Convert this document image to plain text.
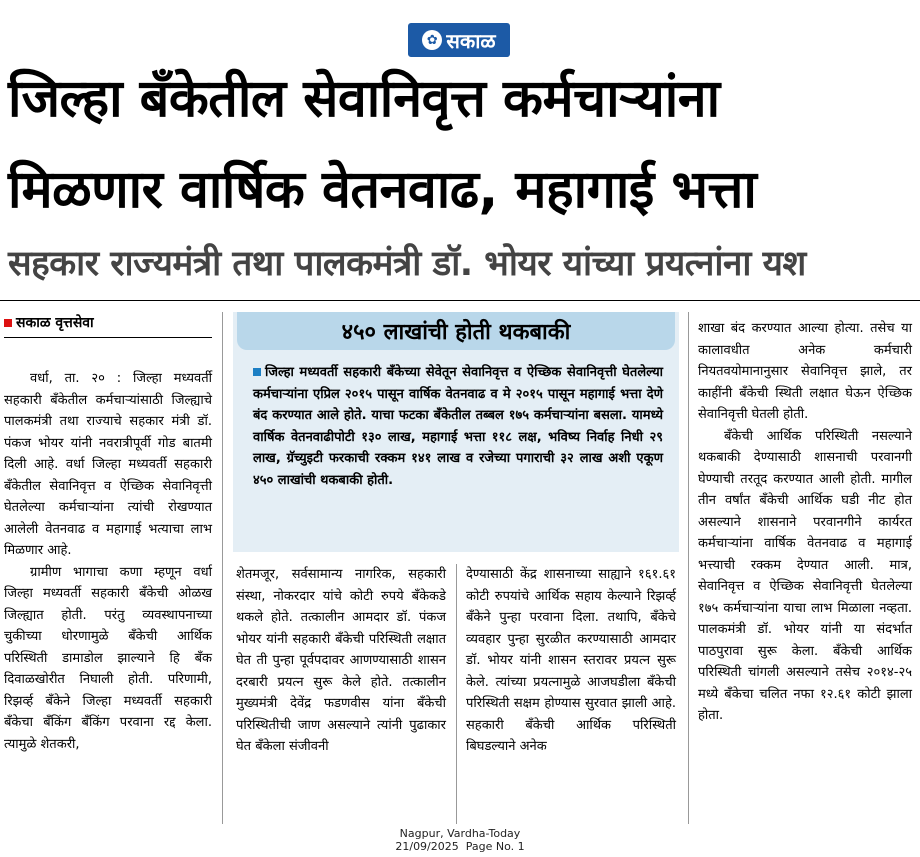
✿ सकाळ
जिल्हा बँकेतील सेवानिवृत्त कर्मचाऱ्यांना
मिळणार वार्षिक वेतनवाढ, महागाई भत्ता
सहकार राज्यमंत्री तथा पालकमंत्री डॉ. भोयर यांच्या प्रयत्नांना यश
सकाळ वृत्तसेवा

वर्धा, ता. २० : जिल्हा मध्यवर्ती सहकारी बँकेतील कर्मचाऱ्यांसाठी जिल्ह्याचे पालकमंत्री तथा राज्याचे सहकार मंत्री डॉ. पंकज भोयर यांनी नवरात्रीपूर्वी गोड बातमी दिली आहे. वर्धा जिल्हा मध्यवर्ती सहकारी बँकेतील सेवानिवृत्त व ऐच्छिक सेवानिवृत्ती घेतलेल्या कर्मचाऱ्यांना त्यांची रोखण्यात आलेली वेतनवाढ व महागाई भत्याचा लाभ मिळणार आहे.

ग्रामीण भागाचा कणा म्हणून वर्धा जिल्हा मध्यवर्ती सहकारी बँकेची ओळख जिल्ह्यात होती. परंतु व्यवस्थापनाच्या चुकीच्या धोरणामुळे बँकेची आर्थिक परिस्थिती डामाडोल झाल्याने हि बँक दिवाळखोरीत निघाली होती. परिणामी, रिझर्व्ह बँकेने जिल्हा मध्यवर्ती सहकारी बँकेचा बँकिंग बँकिंग परवाना रद्द केला. त्यामुळे शेतकरी,

४५० लाखांची होती थकबाकी

जिल्हा मध्यवर्ती सहकारी बँकेच्या सेवेतून सेवानिवृत्त व ऐच्छिक सेवानिवृत्ती घेतलेल्या कर्मचाऱ्यांना एप्रिल २०१५ पासून वार्षिक वेतनवाढ व मे २०१५ पासून महागाई भत्ता देणे बंद करण्यात आले होते. याचा फटका बँकेतील तब्बल १७५ कर्मचाऱ्यांना बसला. यामध्ये वार्षिक वेतनवाढीपोटी १३० लाख, महागाई भत्ता ११८ लक्ष, भविष्य निर्वाह निधी २९ लाख, ग्रॅच्युइटी फरकाची रक्कम १४१ लाख व रजेच्या पगाराची ३२ लाख अशी एकूण ४५० लाखांची थकबाकी होती.

शेतमजूर, सर्वसामान्य नागरिक, सहकारी संस्था, नोकरदार यांचे कोटी रुपये बँकेकडे थकले होते. तत्कालीन आमदार डॉ. पंकज भोयर यांनी सहकारी बँकेची परिस्थिती लक्षात घेत ती पुन्हा पूर्वपदावर आणण्यासाठी शासन दरबारी प्रयत्न सुरू केले होते. तत्कालीन मुख्यमंत्री देवेंद्र फडणवीस यांना बँकेची परिस्थितीची जाण असल्याने त्यांनी पुढाकार घेत बँकेला संजीवनी
देण्यासाठी केंद्र शासनाच्या साह्याने १६१.६१ कोटी रुपयांचे आर्थिक सहाय केल्याने रिझर्व्ह बँकेने पुन्हा परवाना दिला. तथापि, बँकेचे व्यवहार पुन्हा सुरळीत करण्यासाठी आमदार डॉ. भोयर यांनी शासन स्तरावर प्रयत्न सुरू केले. त्यांच्या प्रयत्नामुळे आजघडीला बँकेची परिस्थिती सक्षम होण्यास सुरवात झाली आहे. सहकारी बँकेची आर्थिक परिस्थिती बिघडल्याने अनेक
शाखा बंद करण्यात आल्या होत्या. तसेच या कालावधीत अनेक कर्मचारी नियतवयोमानानुसार सेवानिवृत्त झाले, तर काहींनी बँकेची स्थिती लक्षात घेऊन ऐच्छिक सेवानिवृत्ती घेतली होती.

बँकेची आर्थिक परिस्थिती नसल्याने थकबाकी देण्यासाठी शासनाची परवानगी घेण्याची तरतूद करण्यात आली होती. मागील तीन वर्षांत बँकेची आर्थिक घडी नीट होत असल्याने शासनाने परवानगीने कार्यरत कर्मचाऱ्यांना वार्षिक वेतनवाढ व महागाई भत्त्याची रक्कम देण्यात आली. मात्र, सेवानिवृत्त व ऐच्छिक सेवानिवृत्ती घेतलेल्या १७५ कर्मचाऱ्यांना याचा लाभ मिळाला नव्हता. पालकमंत्री डॉ. भोयर यांनी या संदर्भात पाठपुरावा सुरू केला. बँकेची आर्थिक परिस्थिती चांगली असल्याने तसेच २०१४-२५ मध्ये बँकेचा चलित नफा १२.६१ कोटी झाला होता.

Nagpur, Vardha-Today
21/09/2025  Page No. 1
